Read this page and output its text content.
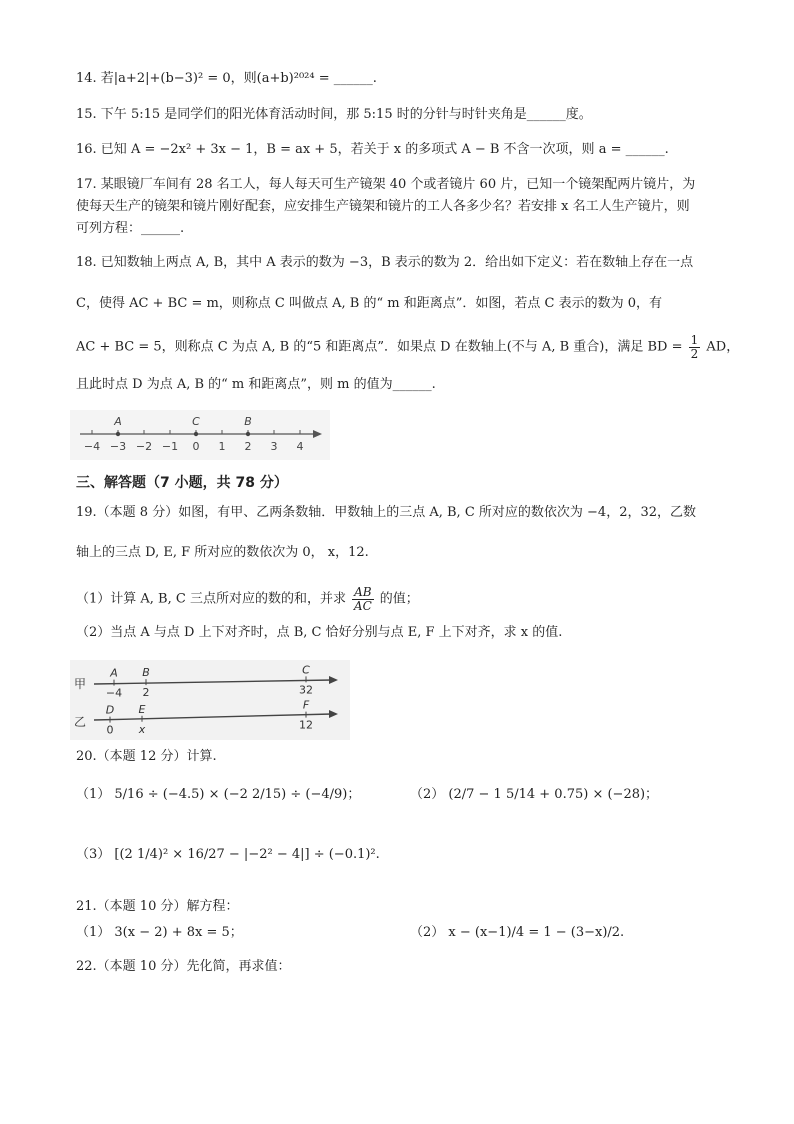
14. 若|a+2|+(b−3)² = 0，则(a+b)²⁰²⁴ = ______.
15. 下午 5:15 是同学们的阳光体育活动时间，那 5:15 时的分针与时针夹角是______度。
16. 已知 A = −2x² + 3x − 1，B = ax + 5，若关于 x 的多项式 A − B 不含一次项，则 a = ______.
17. 某眼镜厂车间有 28 名工人，每人每天可生产镜架 40 个或者镜片 60 片，已知一个镜架配两片镜片，为
使每天生产的镜架和镜片刚好配套，应安排生产镜架和镜片的工人各多少名？若安排 x 名工人生产镜片，则
可列方程：______.
18. 已知数轴上两点 A, B，其中 A 表示的数为 −3，B 表示的数为 2．给出如下定义：若在数轴上存在一点
C，使得 AC + BC = m，则称点 C 叫做点 A, B 的“ m 和距离点”．如图，若点 C 表示的数为 0，有
AC + BC = 5，则称点 C 为点 A, B 的“5 和距离点”．如果点 D 在数轴上(不与 A, B 重合)，满足 BD = $\frac{1}{2}$ AD，
且此时点 D 为点 A, B 的“ m 和距离点”，则 m 的值为______.
−4 −3 −2 −1 0 1 2 3 4
A	C	B
三、解答题（7 小题，共 78 分）
19.（本题 8 分）如图，有甲、乙两条数轴．甲数轴上的三点 A, B, C 所对应的数依次为 −4，2，32，乙数
轴上的三点 D, E, F 所对应的数依次为 0， x，12.
（1）计算 A, B, C 三点所对应的数的和，并求 $\frac{AB}{AC}$ 的值；
（2）当点 A 与点 D 上下对齐时，点 B, C 恰好分别与点 E, F 上下对齐，求 x 的值.
甲
乙
A
−4
B
2
C
32
D
0
E
x
F
12
20.（本题 12 分）计算.
（1） 5/16 ÷ (−4.5) × (−2 2/15) ÷ (−4/9)；	（2） (2/7 − 1 5/14 + 0.75) × (−28)；
（3） [(2 1/4)² × 16/27 − |−2² − 4|] ÷ (−0.1)².
21.（本题 10 分）解方程：
（1） 3(x − 2) + 8x = 5；	（2） x − (x−1)/4 = 1 − (3−x)/2.
22.（本题 10 分）先化简，再求值：
